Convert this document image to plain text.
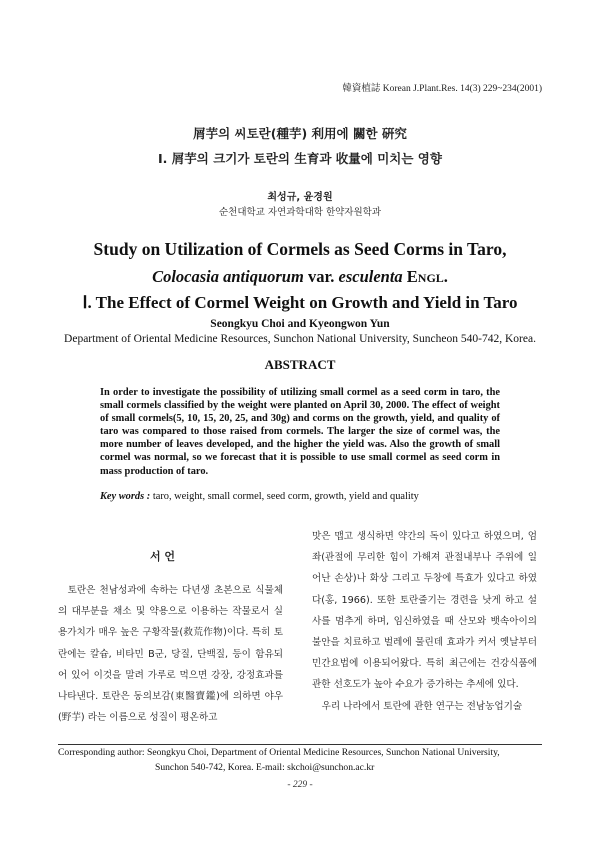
韓資植誌 Korean J.Plant.Res. 14(3) 229~234(2001)
屑芋의 씨토란(種芋) 利用에 關한 硏究
Ⅰ. 屑芋의 크기가 토란의 生育과 收量에 미치는 영향
최성규, 윤경원
순천대학교 자연과학대학 한약자원학과
Study on Utilization of Cormels as Seed Corms in Taro,
Colocasia antiquorum var. esculenta Engl.
Ⅰ. The Effect of Cormel Weight on Growth and Yield in Taro
Seongkyu Choi and Kyeongwon Yun
Department of Oriental Medicine Resources, Sunchon National University, Suncheon 540-742, Korea.
ABSTRACT
In order to investigate the possibility of utilizing small cormel as a seed corm in taro, the small cormels classified by the weight were planted on April 30, 2000. The effect of weight of small cormels(5, 10, 15, 20, 25, and 30g) and corms on the growth, yield, and quality of taro was compared to those raised from cormels. The larger the size of cormel was, the more number of leaves developed, and the higher the yield was. Also the growth of small cormel was normal, so we forecast that it is possible to use small cormel as seed corm in mass production of taro.
Key words : taro, weight, small cormel, seed corm, growth, yield and quality
서 언

토란은 천남성과에 속하는 다년생 초본으로 식물체의 대부분을 채소 및 약용으로 이용하는 작물로서 실용가치가 매우 높은 구황작물(救荒作物)이다. 특히 토란에는 칼슘, 비타민 B군, 당질, 단백질, 등이 함유되어 있어 이것을 말려 가루로 먹으면 강장, 강정효과를 나타낸다. 토란은 동의보감(東醫寶鑑)에 의하면 야우(野芋) 라는 이름으로 성질이 평온하고

맛은 맵고 생식하면 약간의 독이 있다고 하였으며, 엄좌(관절에 무리한 힘이 가해져 관절내부나 주위에 일어난 손상)나 화상 그리고 두창에 특효가 있다고 하였다(홍, 1966). 또한 토란줄기는 경련을 낫게 하고 설사를 멈추게 하며, 임신하였을 때 산모와 뱃속아이의 불안을 치료하고 벌레에 물린데 효과가 커서 옛날부터 민간요법에 이용되어왔다. 특히 최근에는 건강식품에 관한 선호도가 높아 수요가 증가하는 추세에 있다.

우리 나라에서 토란에 관한 연구는 전남농업기술

Corresponding author: Seongkyu Choi, Department of Oriental Medicine Resources, Sunchon National University,
Sunchon 540-742, Korea. E-mail: skchoi@sunchon.ac.kr
- 229 -
